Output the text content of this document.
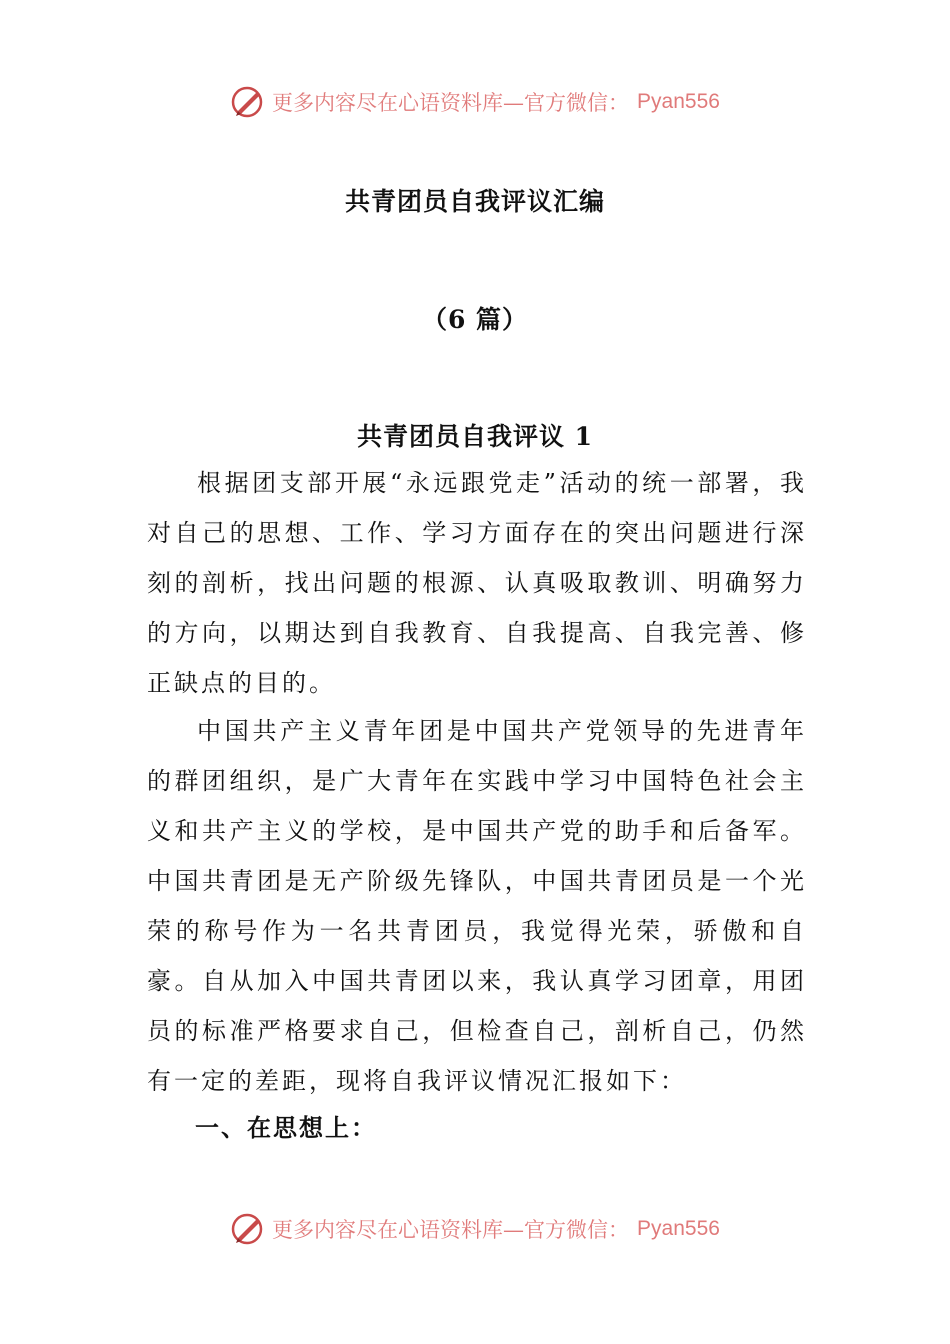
更多内容尽在心语资料库—官方微信： Pyan556
共青团员自我评议汇编
（6 篇）
共青团员自我评议 1

根据团支部开展“永远跟党走”活动的统一部署，我对自己的思想、工作、学习方面存在的突出问题进行深刻的剖析，找出问题的根源、认真吸取教训、明确努力的方向，以期达到自我教育、自我提高、自我完善、修正缺点的目的。

中国共产主义青年团是中国共产党领导的先进青年的群团组织，是广大青年在实践中学习中国特色社会主义和共产主义的学校，是中国共产党的助手和后备军。中国共青团是无产阶级先锋队，中国共青团员是一个光荣的称号作为一名共青团员，我觉得光荣，骄傲和自豪。自从加入中国共青团以来，我认真学习团章，用团员的标准严格要求自己，但检查自己，剖析自己，仍然有一定的差距，现将自我评议情况汇报如下：

一、在思想上：
更多内容尽在心语资料库—官方微信： Pyan556
